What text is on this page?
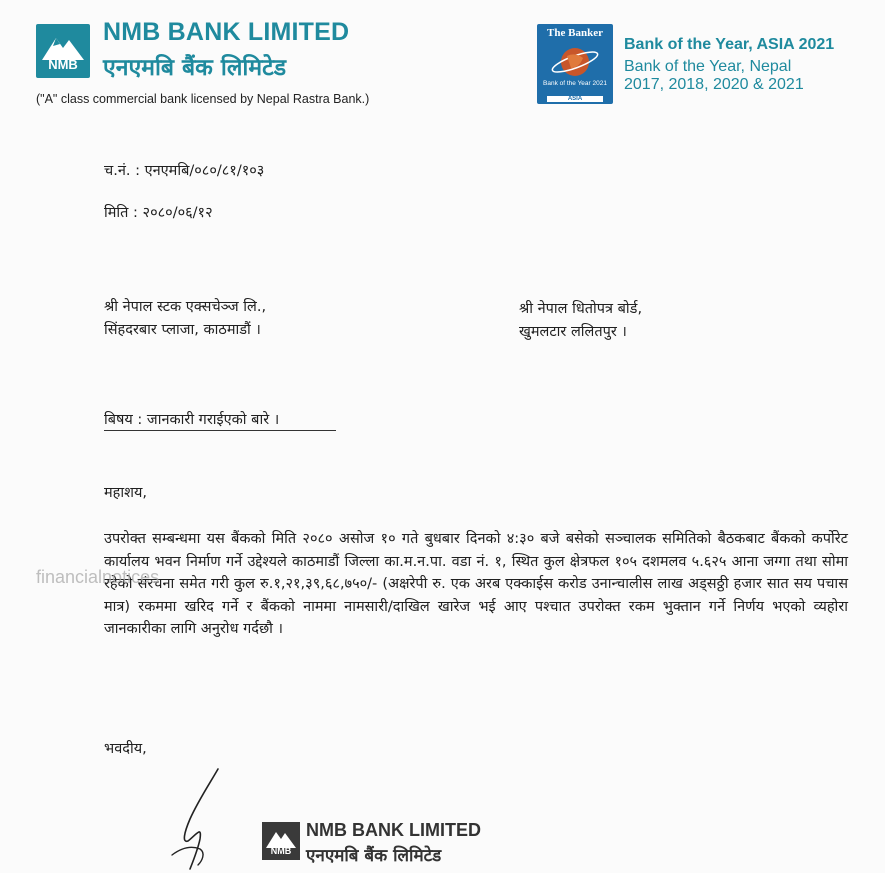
NMB
NMB BANK LIMITED
एनएमबि बैंक लिमिटेड
("A" class commercial bank licensed by Nepal Rastra Bank.)
The Banker
Bank of the Year 2021
ASIA
Bank of the Year, ASIA 2021
Bank of the Year, Nepal
2017, 2018, 2020 & 2021
च.नं. : एनएमबि/०८०/८१/१०३
मिति : २०८०/०६/१२
श्री नेपाल स्टक एक्सचेञ्ज लि.,
सिंहदरबार प्लाजा, काठमाडौं ।
श्री नेपाल धितोपत्र बोर्ड,
खुमलटार ललितपुर ।
बिषय : जानकारी गराईएको बारे ।
महाशय,
उपरोक्त सम्बन्धमा यस बैंकको मिति २०८० असोज १० गते बुधबार दिनको ४:३० बजे बसेको सञ्चालक समितिको बैठकबाट बैंकको कर्पोरेट कार्यालय भवन निर्माण गर्ने उद्देश्यले काठमाडौं जिल्ला का.म.न.पा. वडा नं. १, स्थित कुल क्षेत्रफल १०५ दशमलव ५.६२५ आना जग्गा तथा सोमा रहेको संरचना समेत गरी कुल रु.१,२१,३९,६८,७५०/- (अक्षरेपी रु. एक अरब एक्काईस करोड उनान्चालीस लाख अड्सठ्ठी हजार सात सय पचास मात्र) रकममा खरिद गर्ने र बैंकको नाममा नामसारी/दाखिल खारेज भई आए पश्चात उपरोक्त रकम भुक्तान गर्ने निर्णय भएको व्यहोरा जानकारीका लागि अनुरोध गर्दछौ ।
financialnotices
भवदीय,
NMB
NMB BANK LIMITED
एनएमबि बैंक लिमिटेड
